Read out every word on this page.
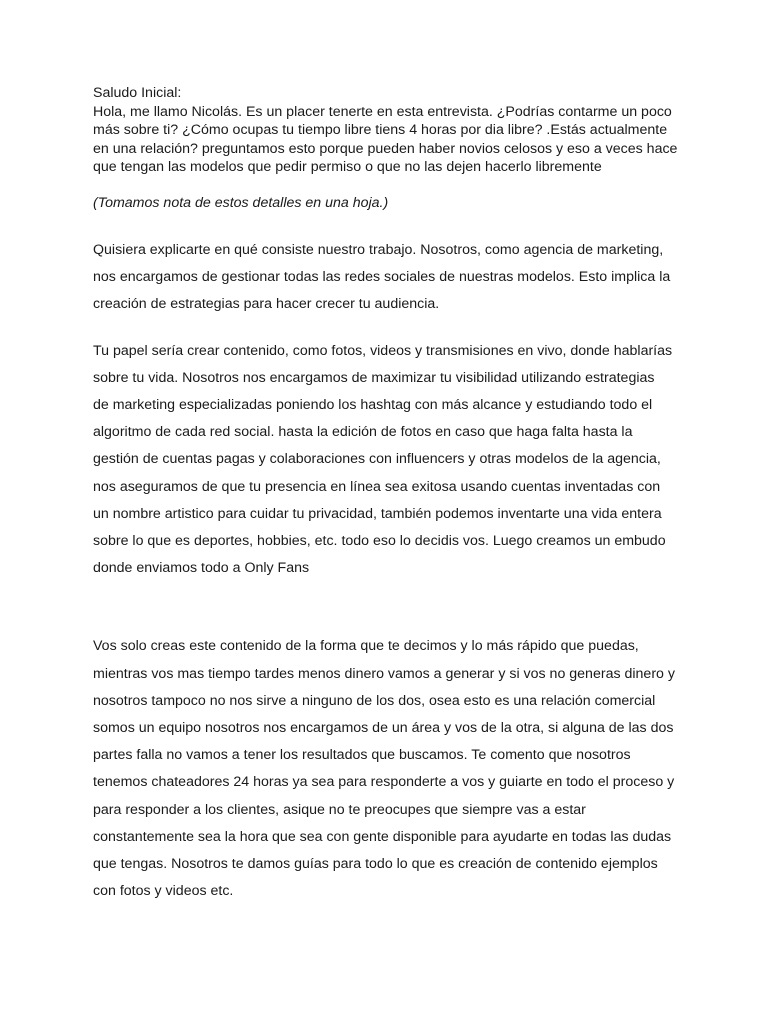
Saludo Inicial:
Hola, me llamo Nicolás. Es un placer tenerte en esta entrevista. ¿Podrías contarme un poco
más sobre ti? ¿Cómo ocupas tu tiempo libre tiens 4 horas por dia libre? .Estás actualmente
en una relación? preguntamos esto porque pueden haber novios celosos y eso a veces hace
que tengan las modelos que pedir permiso o que no las dejen hacerlo libremente
(Tomamos nota de estos detalles en una hoja.)
Quisiera explicarte en qué consiste nuestro trabajo. Nosotros, como agencia de marketing,
nos encargamos de gestionar todas las redes sociales de nuestras modelos. Esto implica la
creación de estrategias para hacer crecer tu audiencia.
Tu papel sería crear contenido, como fotos, videos y transmisiones en vivo, donde hablarías
sobre tu vida. Nosotros nos encargamos de maximizar tu visibilidad utilizando estrategias
de marketing especializadas poniendo los hashtag con más alcance y estudiando todo el
algoritmo de cada red social. hasta la edición de fotos en caso que haga falta hasta la
gestión de cuentas pagas y colaboraciones con influencers y otras modelos de la agencia,
nos aseguramos de que tu presencia en línea sea exitosa usando cuentas inventadas con
un nombre artistico para cuidar tu privacidad, también podemos inventarte una vida entera
sobre lo que es deportes, hobbies, etc. todo eso lo decidis vos. Luego creamos un embudo
donde enviamos todo a Only Fans
Vos solo creas este contenido de la forma que te decimos y lo más rápido que puedas,
mientras vos mas tiempo tardes menos dinero vamos a generar y si vos no generas dinero y
nosotros tampoco no nos sirve a ninguno de los dos, osea esto es una relación comercial
somos un equipo nosotros nos encargamos de un área y vos de la otra, si alguna de las dos
partes falla no vamos a tener los resultados que buscamos. Te comento que nosotros
tenemos chateadores 24 horas ya sea para responderte a vos y guiarte en todo el proceso y
para responder a los clientes, asique no te preocupes que siempre vas a estar
constantemente sea la hora que sea con gente disponible para ayudarte en todas las dudas
que tengas. Nosotros te damos guías para todo lo que es creación de contenido ejemplos
con fotos y videos etc.
